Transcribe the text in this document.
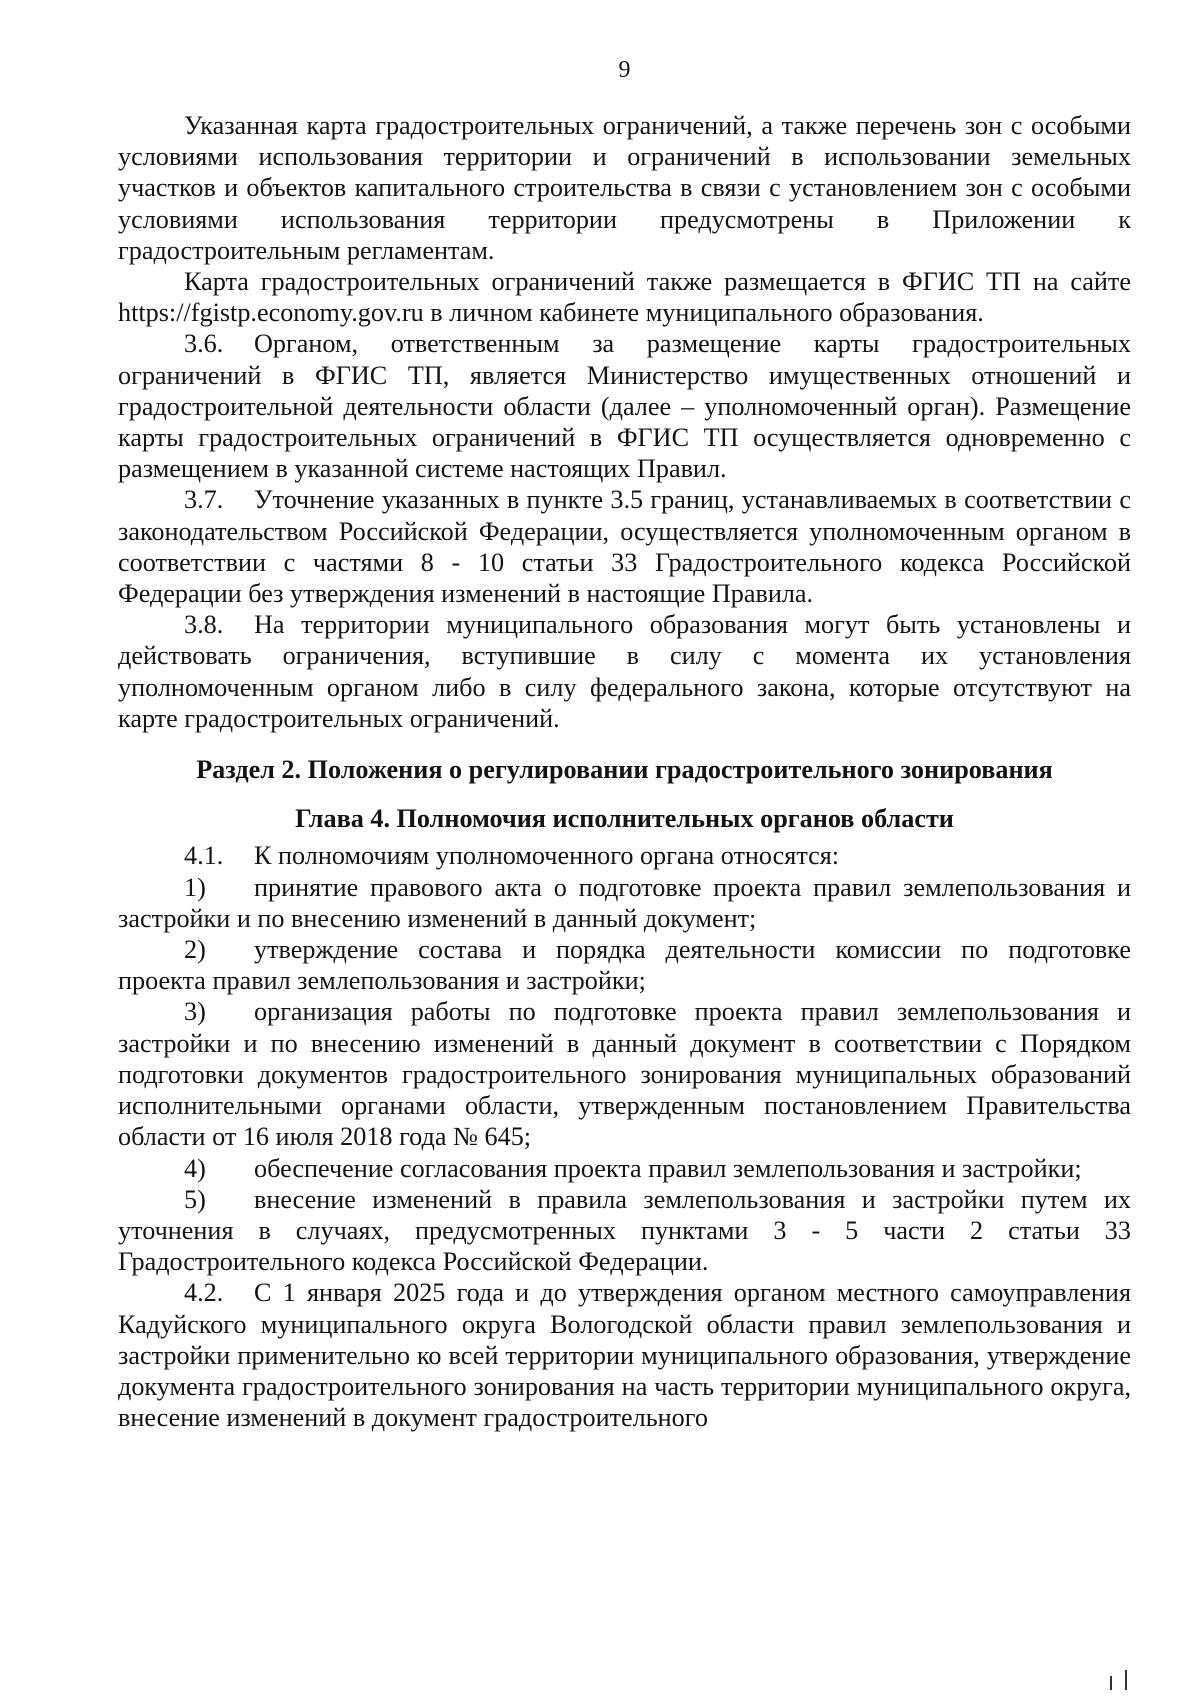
9

Указанная карта градостроительных ограничений, а также перечень зон с особыми условиями использования территории и ограничений в использовании земельных участков и объектов капитального строительства в связи с установлением зон с особыми условиями использования территории предусмотрены в Приложении к градостроительным регламентам.

Карта градостроительных ограничений также размещается в ФГИС ТП на сайте https://fgistp.economy.gov.ru в личном кабинете муниципального образования.

3.6. Органом, ответственным за размещение карты градостроительных ограничений в ФГИС ТП, является Министерство имущественных отношений и градостроительной деятельности области (далее – уполномоченный орган). Размещение карты градостроительных ограничений в ФГИС ТП осуществляется одновременно с размещением в указанной системе настоящих Правил.

3.7. Уточнение указанных в пункте 3.5 границ, устанавливаемых в соответствии с законодательством Российской Федерации, осуществляется уполномоченным органом в соответствии с частями 8 - 10 статьи 33 Градостроительного кодекса Российской Федерации без утверждения изменений в настоящие Правила.

3.8. На территории муниципального образования могут быть установлены и действовать ограничения, вступившие в силу с момента их установления уполномоченным органом либо в силу федерального закона, которые отсутствуют на карте градостроительных ограничений.

Раздел 2. Положения о регулировании градостроительного зонирования
Глава 4. Полномочия исполнительных органов области

4.1. К полномочиям уполномоченного органа относятся:

1) принятие правового акта о подготовке проекта правил землепользования и застройки и по внесению изменений в данный документ;

2) утверждение состава и порядка деятельности комиссии по подготовке проекта правил землепользования и застройки;

3) организация работы по подготовке проекта правил землепользования и застройки и по внесению изменений в данный документ в соответствии с Порядком подготовки документов градостроительного зонирования муниципальных образований исполнительными органами области, утвержденным постановлением Правительства области от 16 июля 2018 года № 645;

4) обеспечение согласования проекта правил землепользования и застройки;

5) внесение изменений в правила землепользования и застройки путем их уточнения в случаях, предусмотренных пунктами 3 - 5 части 2 статьи 33 Градостроительного кодекса Российской Федерации.

4.2. С 1 января 2025 года и до утверждения органом местного самоуправления Кадуйского муниципального округа Вологодской области правил землепользования и застройки применительно ко всей территории муниципального образования, утверждение документа градостроительного зонирования на часть территории муниципального округа, внесение изменений в документ градостроительного
